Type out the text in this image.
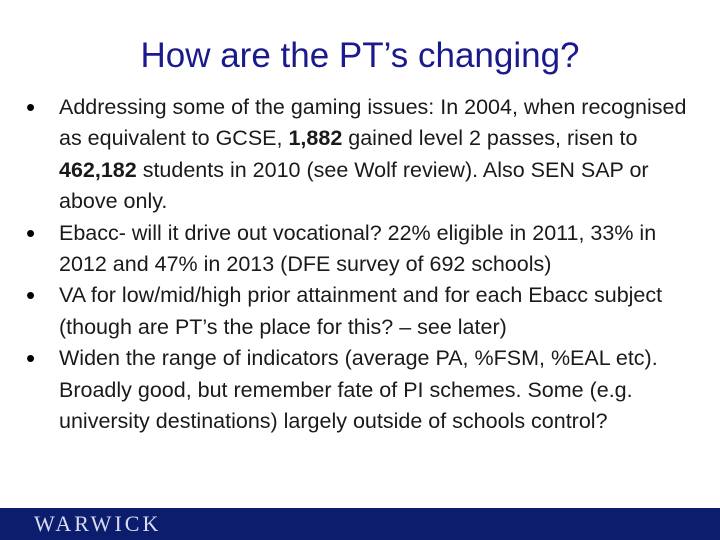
How are the PT’s changing?
• Addressing some of the gaming issues: In 2004, when recognised as equivalent to GCSE, 1,882 gained level 2 passes, risen to 462,182 students in 2010 (see Wolf review). Also SEN SAP or above only.
• Ebacc- will it drive out vocational? 22% eligible in 2011, 33% in 2012 and 47% in 2013 (DFE survey of 692 schools)
• VA for low/mid/high prior attainment and for each Ebacc subject (though are PT’s the place for this? – see later)
• Widen the range of indicators (average PA, %FSM, %EAL etc). Broadly good, but remember fate of PI schemes. Some (e.g. university destinations) largely outside of schools control?
WARWICK
